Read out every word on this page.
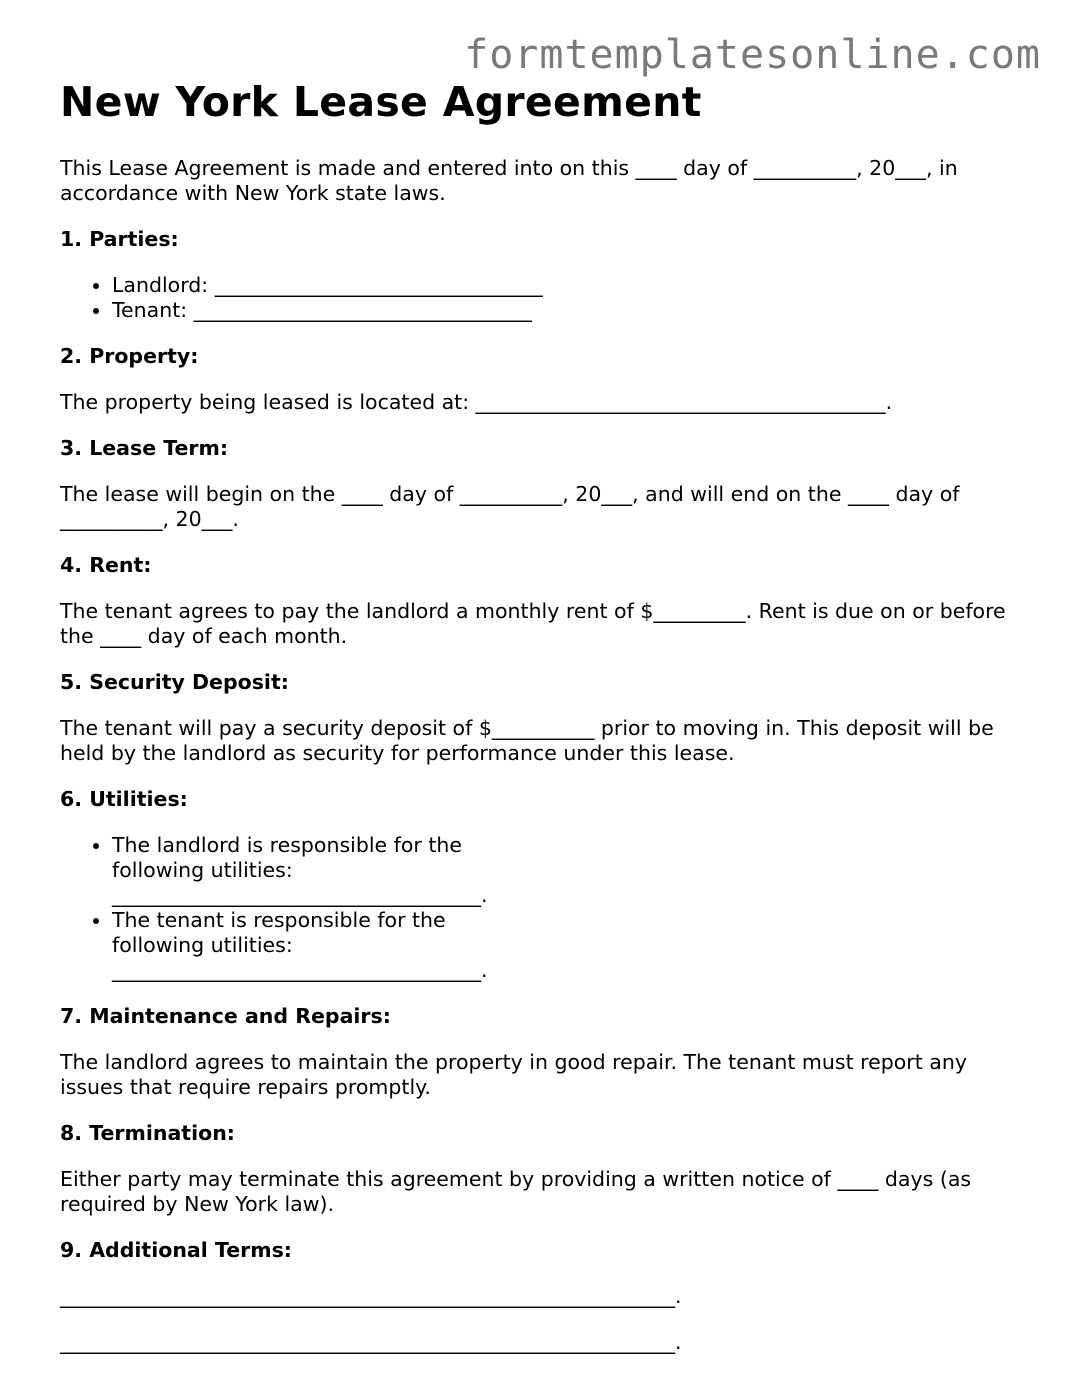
formtemplatesonline.com
New York Lease Agreement

This Lease Agreement is made and entered into on this ____ day of __________, 20___, in accordance with New York state laws.

1. Parties:
• Landlord: ________________________________
• Tenant: _________________________________
2. Property:

The property being leased is located at: ________________________________________.

3. Lease Term:

The lease will begin on the ____ day of __________, 20___, and will end on the ____ day of __________, 20___.

4. Rent:

The tenant agrees to pay the landlord a monthly rent of $_________. Rent is due on or before the ____ day of each month.

5. Security Deposit:

The tenant will pay a security deposit of $__________ prior to moving in. This deposit will be held by the landlord as security for performance under this lease.

6. Utilities:
• The landlord is responsible for the following utilities: ____________________________________.
• The tenant is responsible for the following utilities: ____________________________________.
7. Maintenance and Repairs:

The landlord agrees to maintain the property in good repair. The tenant must report any issues that require repairs promptly.

8. Termination:

Either party may terminate this agreement by providing a written notice of ____ days (as required by New York law).

9. Additional Terms:
____________________________________________________________.
____________________________________________________________.
